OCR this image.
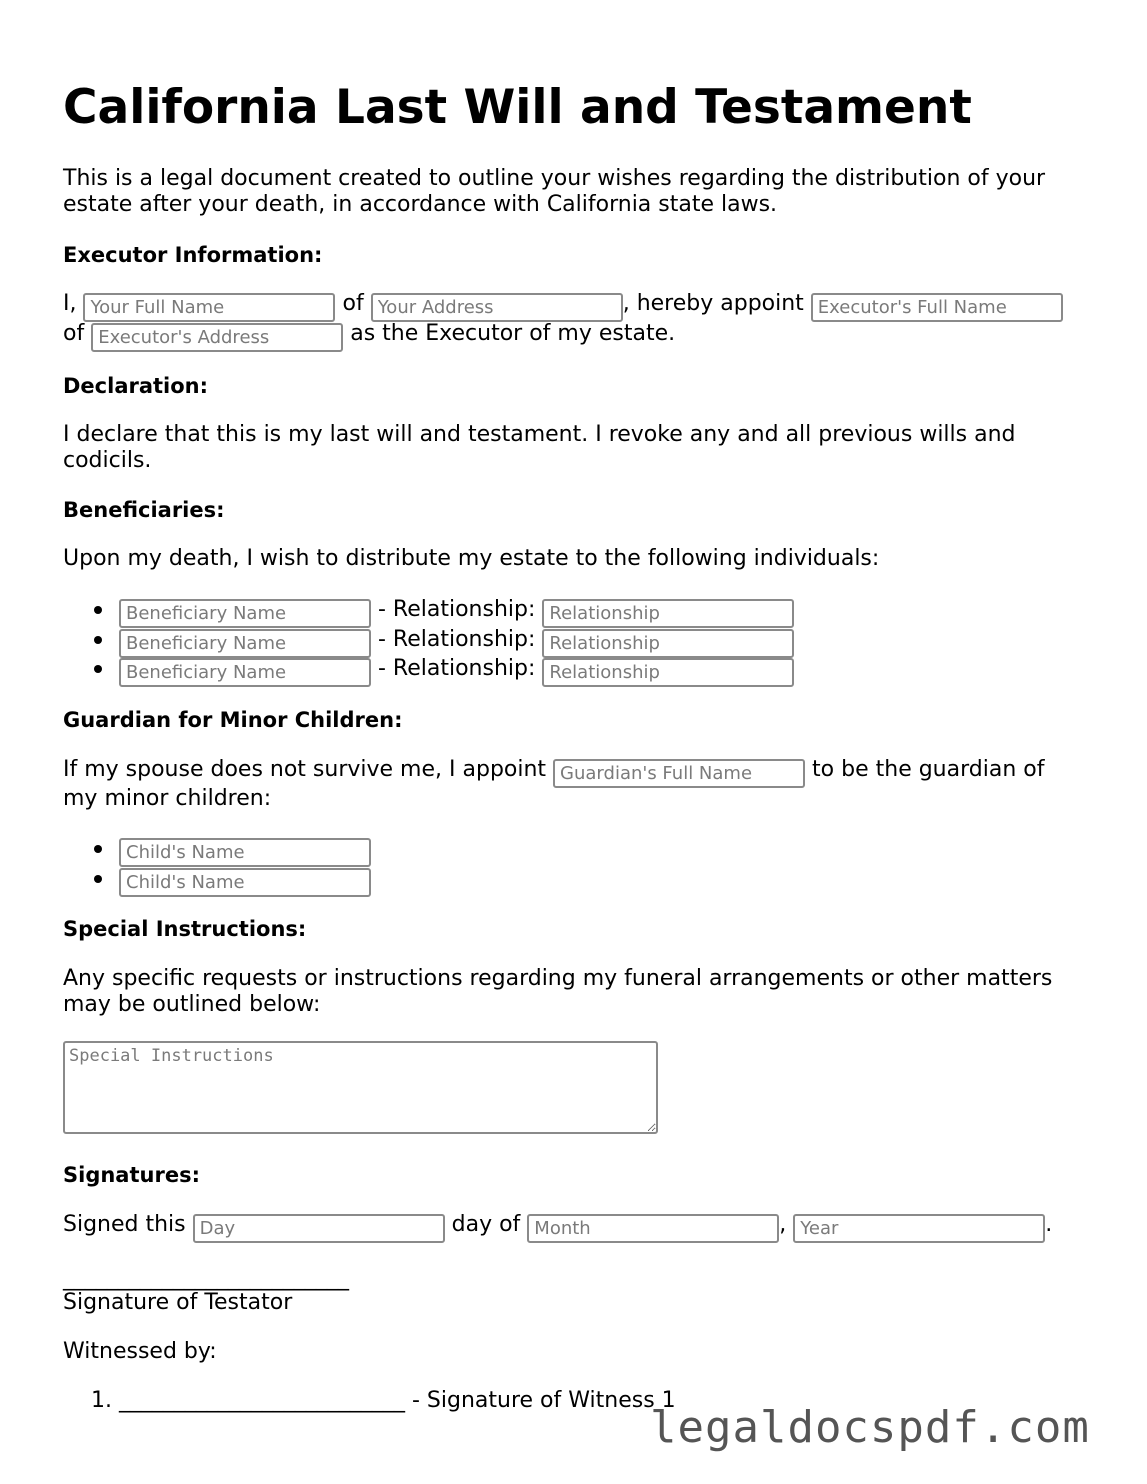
California Last Will and Testament

This is a legal document created to outline your wishes regarding the distribution of your estate after your death, in accordance with California state laws.

Executor Information:
I, Your Full Name	of Your Address	, hereby appoint Executor's Full Name
of Executor's Address	as the Executor of my estate.
Declaration:

I declare that this is my last will and testament. I revoke any and all previous wills and codicils.

Beneficiaries:

Upon my death, I wish to distribute my estate to the following individuals:

Beneficiary Name - Relationship: Relationship
Beneficiary Name - Relationship: Relationship
Beneficiary Name - Relationship: Relationship
Guardian for Minor Children:
If my spouse does not survive me, I appoint Guardian's Full Name	to be the guardian of

my minor children:

Child's Name
Child's Name
Special Instructions:

Any specific requests or instructions regarding my funeral arrangements or other matters may be outlined below:

Special Instructions
Signatures:
Signed this Day	day of Month	, Year	.

__________________________

Signature of Testator

Witnessed by:

1. __________________________ - Signature of Witness 1
legaldocspdf.com
